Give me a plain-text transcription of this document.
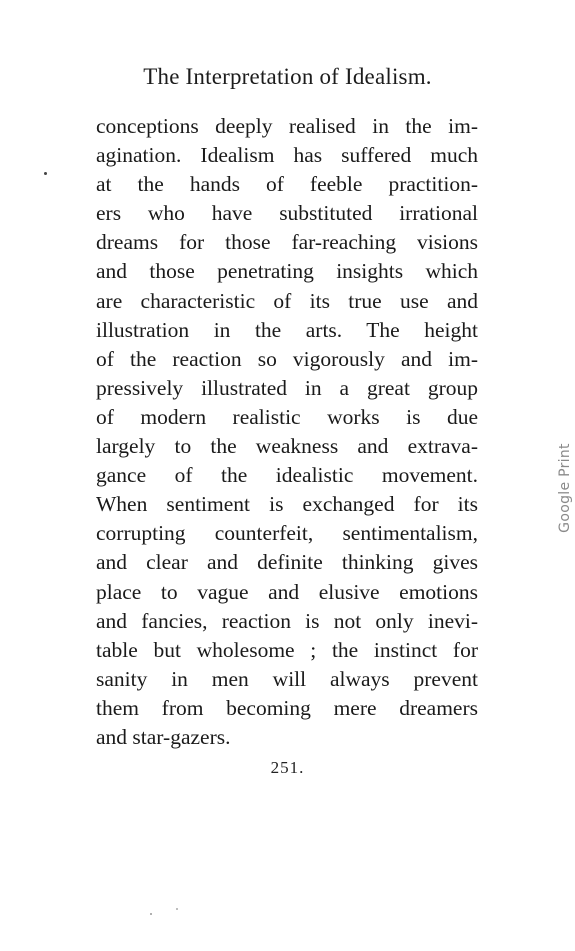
The Interpretation of Idealism.
conceptions deeply realised in the im-
agination. Idealism has suffered much
at the hands of feeble practition-
ers who have substituted irrational
dreams for those far-reaching visions
and those penetrating insights which
are characteristic of its true use and
illustration in the arts. The height
of the reaction so vigorously and im-
pressively illustrated in a great group
of modern realistic works is due
largely to the weakness and extrava-
gance of the idealistic movement.
When sentiment is exchanged for its
corrupting counterfeit, sentimentalism,
and clear and definite thinking gives
place to vague and elusive emotions
and fancies, reaction is not only inevi-
table but wholesome ; the instinct for
sanity in men will always prevent
them from becoming mere dreamers
and star-gazers.
251.
Google Print
